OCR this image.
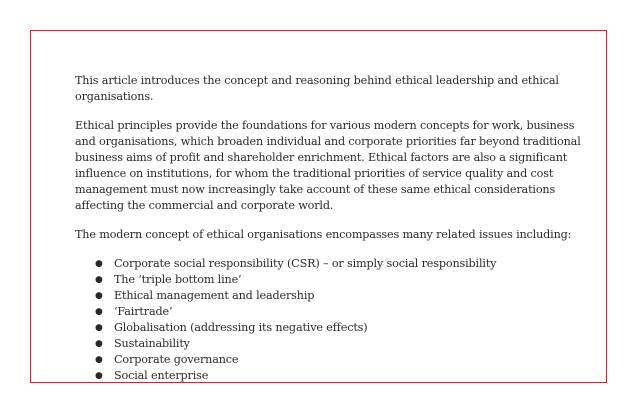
This article introduces the concept and reasoning behind ethical leadership and ethical organisations.

Ethical principles provide the foundations for various modern concepts for work, business and organisations, which broaden individual and corporate priorities far beyond traditional business aims of profit and shareholder enrichment. Ethical factors are also a significant influence on institutions, for whom the traditional priorities of service quality and cost management must now increasingly take account of these same ethical considerations affecting the commercial and corporate world.

The modern concept of ethical organisations encompasses many related issues including:

● Corporate social responsibility (CSR) – or simply social responsibility
● The ‘triple bottom line’
● Ethical management and leadership
● ‘Fairtrade’
● Globalisation (addressing its negative effects)
● Sustainability
● Corporate governance
● Social enterprise
